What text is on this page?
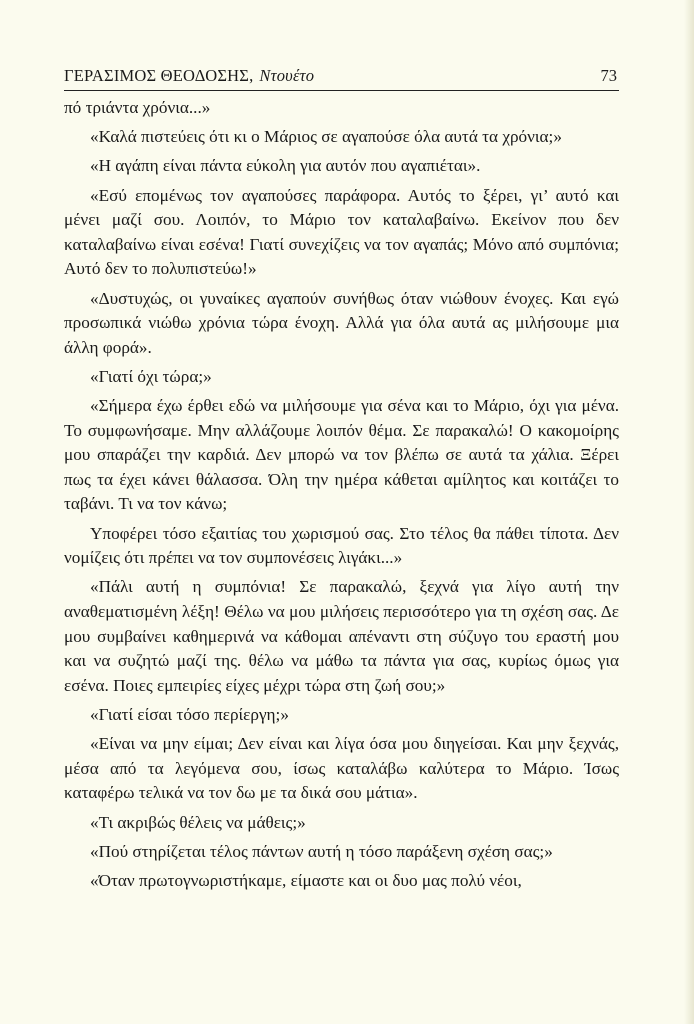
ΓΕΡΑΣΙΜΟΣ ΘΕΟΔΟΣΗΣ, Ντουέτο	73

πό τριάντα χρόνια...»

«Καλά πιστεύεις ότι κι ο Μάριος σε αγαπούσε όλα αυτά τα χρόνια;»

«Η αγάπη είναι πάντα εύκολη για αυτόν που αγαπιέται».

«Εσύ επομένως τον αγαπούσες παράφορα. Αυτός το ξέρει, γι’ αυτό και μένει μαζί σου. Λοιπόν, το Μάριο τον καταλαβαίνω. Εκείνον που δεν καταλαβαίνω είναι εσένα! Γιατί συνεχίζεις να τον αγαπάς; Μόνο από συμπόνια; Αυτό δεν το πολυπιστεύω!»

«Δυστυχώς, οι γυναίκες αγαπούν συνήθως όταν νιώθουν ένοχες. Και εγώ προσωπικά νιώθω χρόνια τώρα ένοχη. Αλλά για όλα αυτά ας μιλήσουμε μια άλλη φορά».

«Γιατί όχι τώρα;»

«Σήμερα έχω έρθει εδώ να μιλήσουμε για σένα και το Μάριο, όχι για μένα. Το συμφωνήσαμε. Μην αλλάζουμε λοιπόν θέμα. Σε παρακαλώ! Ο κακομοίρης μου σπαράζει την καρδιά. Δεν μπορώ να τον βλέπω σε αυτά τα χάλια. Ξέρει πως τα έχει κάνει θάλασσα. Όλη την ημέρα κάθεται αμίλητος και κοιτάζει το ταβάνι. Τι να τον κάνω;

Υποφέρει τόσο εξαιτίας του χωρισμού σας. Στο τέλος θα πάθει τίποτα. Δεν νομίζεις ότι πρέπει να τον συμπονέσεις λιγάκι...»

«Πάλι αυτή η συμπόνια! Σε παρακαλώ, ξεχνά για λίγο αυτή την αναθεματισμένη λέξη! Θέλω να μου μιλήσεις περισσότερο για τη σχέση σας. Δε μου συμβαίνει καθημερινά να κάθομαι απέναντι στη σύζυγο του εραστή μου και να συζητώ μαζί της. θέλω να μάθω τα πάντα για σας, κυρίως όμως για εσένα. Ποιες εμπειρίες είχες μέχρι τώρα στη ζωή σου;»

«Γιατί είσαι τόσο περίεργη;»

«Είναι να μην είμαι; Δεν είναι και λίγα όσα μου διηγείσαι. Και μην ξεχνάς, μέσα από τα λεγόμενα σου, ίσως καταλάβω καλύτερα το Μάριο. Ίσως καταφέρω τελικά να τον δω με τα δικά σου μάτια».

«Τι ακριβώς θέλεις να μάθεις;»

«Πού στηρίζεται τέλος πάντων αυτή η τόσο παράξενη σχέση σας;»

«Όταν πρωτογνωριστήκαμε, είμαστε και οι δυο μας πολύ νέοι,
